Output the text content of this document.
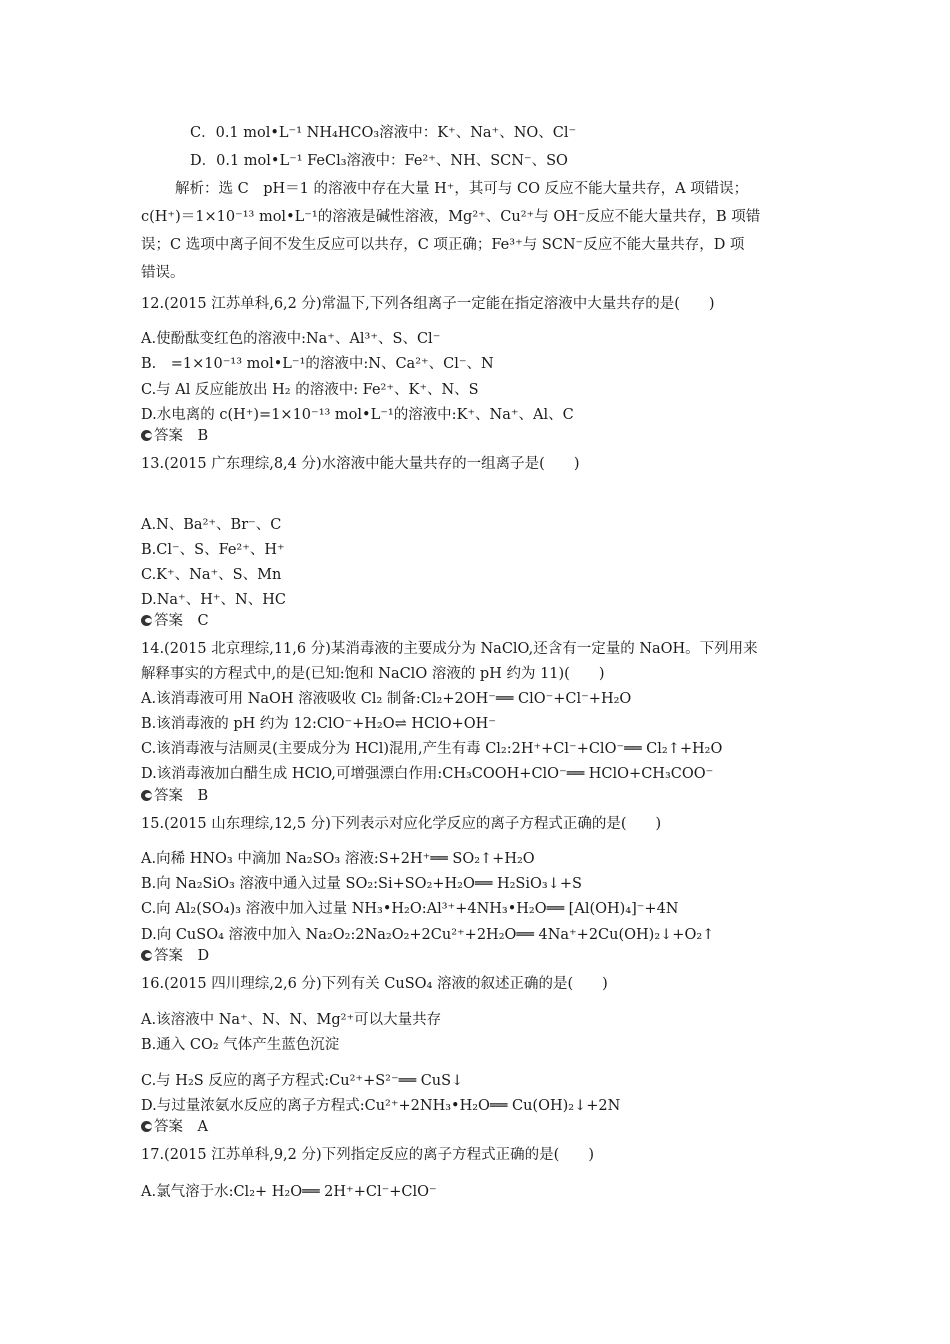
C．0.1 mol•L⁻¹ NH₄HCO₃溶液中：K⁺、Na⁺、NO、Cl⁻
D．0.1 mol•L⁻¹ FeCl₃溶液中：Fe²⁺、NH、SCN⁻、SO
解析：选 C　pH＝1 的溶液中存在大量 H⁺，其可与 CO 反应不能大量共存，A 项错误；
c(H⁺)＝1×10⁻¹³ mol•L⁻¹的溶液是碱性溶液，Mg²⁺、Cu²⁺与 OH⁻反应不能大量共存，B 项错
误；C 选项中离子间不发生反应可以共存，C 项正确；Fe³⁺与 SCN⁻反应不能大量共存，D 项
错误。
12.(2015 江苏单科,6,2 分)常温下,下列各组离子一定能在指定溶液中大量共存的是(　　)
A.使酚酞变红色的溶液中:Na⁺、Al³⁺、S、Cl⁻
B.　=1×10⁻¹³ mol•L⁻¹的溶液中:N、Ca²⁺、Cl⁻、N
C.与 Al 反应能放出 H₂ 的溶液中: Fe²⁺、K⁺、N、S
D.水电离的 c(H⁺)=1×10⁻¹³ mol•L⁻¹的溶液中:K⁺、Na⁺、Al、C
答案　B
13.(2015 广东理综,8,4 分)水溶液中能大量共存的一组离子是(　　)
A.N、Ba²⁺、Br⁻、C
B.Cl⁻、S、Fe²⁺、H⁺
C.K⁺、Na⁺、S、Mn
D.Na⁺、H⁺、N、HC
答案　C
14.(2015 北京理综,11,6 分)某消毒液的主要成分为 NaClO,还含有一定量的 NaOH。下列用来
解释事实的方程式中,的是(已知:饱和 NaClO 溶液的 pH 约为 11)(　　)
A.该消毒液可用 NaOH 溶液吸收 Cl₂ 制备:Cl₂+2OH⁻══ ClO⁻+Cl⁻+H₂O
B.该消毒液的 pH 约为 12:ClO⁻+H₂O⇌ HClO+OH⁻
C.该消毒液与洁厕灵(主要成分为 HCl)混用,产生有毒 Cl₂:2H⁺+Cl⁻+ClO⁻══ Cl₂↑+H₂O
D.该消毒液加白醋生成 HClO,可增强漂白作用:CH₃COOH+ClO⁻══ HClO+CH₃COO⁻
答案　B
15.(2015 山东理综,12,5 分)下列表示对应化学反应的离子方程式正确的是(　　)
A.向稀 HNO₃ 中滴加 Na₂SO₃ 溶液:S+2H⁺══ SO₂↑+H₂O
B.向 Na₂SiO₃ 溶液中通入过量 SO₂:Si+SO₂+H₂O══ H₂SiO₃↓+S
C.向 Al₂(SO₄)₃ 溶液中加入过量 NH₃•H₂O:Al³⁺+4NH₃•H₂O══ [Al(OH)₄]⁻+4N
D.向 CuSO₄ 溶液中加入 Na₂O₂:2Na₂O₂+2Cu²⁺+2H₂O══ 4Na⁺+2Cu(OH)₂↓+O₂↑
答案　D
16.(2015 四川理综,2,6 分)下列有关 CuSO₄ 溶液的叙述正确的是(　　)
A.该溶液中 Na⁺、N、N、Mg²⁺可以大量共存
B.通入 CO₂ 气体产生蓝色沉淀
C.与 H₂S 反应的离子方程式:Cu²⁺+S²⁻══ CuS↓
D.与过量浓氨水反应的离子方程式:Cu²⁺+2NH₃•H₂O══ Cu(OH)₂↓+2N
答案　A
17.(2015 江苏单科,9,2 分)下列指定反应的离子方程式正确的是(　　)
A.氯气溶于水:Cl₂+ H₂O══ 2H⁺+Cl⁻+ClO⁻
